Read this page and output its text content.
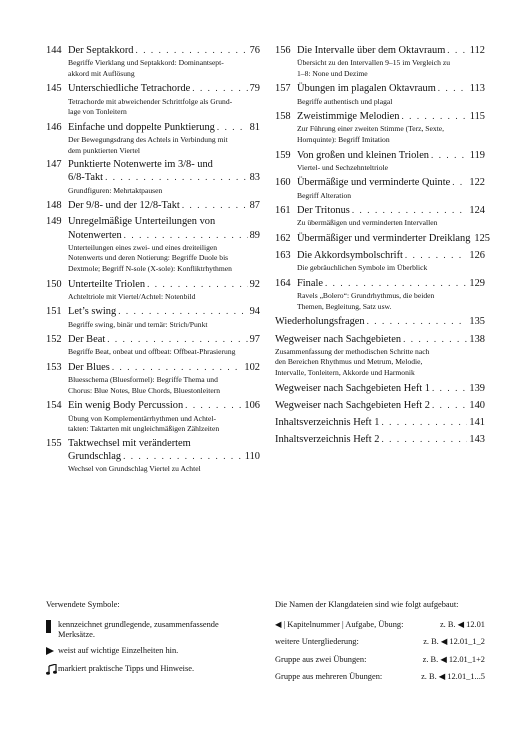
144 Der Septakkord . . .	76
Begriffe Vierklang und Septakkord: Dominantsept-
akkord mit Auflösung
145 Unterschiedliche Tetrachorde . . .	79
Tetrachorde mit abweichender Schrittfolge als Grund-
lage von Tonleitern
146 Einfache und doppelte Punktierung . . .	81
Der Bewegungsdrang des Achtels in Verbindung mit
dem punktierten Viertel
147 Punktierte Notenwerte im 3/8- und
6/8-Takt . . .	83
Grundfiguren: Mehrtaktpausen
148 Der 9/8- und der 12/8-Takt . . .	87
149 Unregelmäßige Unterteilungen von
Notenwerten . . .	89
Unterteilungen eines zwei- und eines dreiteiligen
Notenwerts und deren Notierung: Begriffe Duole bis
Dextmole; Begriff N-sole (X-sole): Konfliktrhythmen
150 Unterteilte Triolen . . .	92
Achteltriole mit Viertel/Achtel: Notenbild
151 Let’s swing . . .	94
Begriffe swing, binär und ternär: Strich/Punkt
152 Der Beat . . .	97
Begriffe Beat, onbeat und offbeat: Offbeat-Phrasierung
153 Der Blues . . .	102
Bluesschema (Bluesformel): Begriffe Thema und
Chorus: Blue Notes, Blue Chords, Bluestonleitern
154 Ein wenig Body Percussion . . .	106
Übung von Komplementärrhythmen und Achtel-
takten: Taktarten mit ungleichmäßigen Zählzeiten
155 Taktwechsel mit verändertem
Grundschlag . . .	110
Wechsel von Grundschlag Viertel zu Achtel
156 Die Intervalle über dem Oktavraum . . . 112
Übersicht zu den Intervallen 9–15 im Vergleich zu
1–8: None und Dezime
157 Übungen im plagalen Oktavraum . . .	113
Begriffe authentisch und plagal
158 Zweistimmige Melodien . . .	115
Zur Führung einer zweiten Stimme (Terz, Sexte,
Hornquinte): Begriff Imitation
159 Von großen und kleinen Triolen . . .	119
Viertel- und Sechzehnteltriole
160 Übermäßige und verminderte Quinte . . . 122
Begriff Alteration
161 Der Tritonus . . .	124
Zu übermäßigen und verminderten Intervallen
162 Übermäßiger und verminderter Dreiklang 125
163 Die Akkordsymbolschrift . . .	126
Die gebräuchlichen Symbole im Überblick
164 Finale . . .	129
Ravels „Bolero“: Grundrhythmus, die beiden
Themen, Begleitung, Satz usw.
Wiederholungsfragen . . .	135
Wegweiser nach Sachgebieten . . .	138
Zusammenfassung der methodischen Schritte nach
den Bereichen Rhythmus und Metrum, Melodie,
Intervalle, Tonleitern, Akkorde und Harmonik
Wegweiser nach Sachgebieten Heft 1 . . .	139
Wegweiser nach Sachgebieten Heft 2 . . .	140
Inhaltsverzeichnis Heft 1 . . .	141
Inhaltsverzeichnis Heft 2 . . .	143
Verwendete Symbole:
kennzeichnet grundlegende, zusammenfassende Merksätze.
weist auf wichtige Einzelheiten hin.
markiert praktische Tipps und Hinweise.
Die Namen der Klangdateien sind wie folgt aufgebaut:
◀ | Kapitelnummer | Aufgabe, Übung:	z. B. ◀ 12.01
weitere Untergliederung:	z. B. ◀ 12.01_1_2
Gruppe aus zwei Übungen:	z. B. ◀ 12.01_1+2
Gruppe aus mehreren Übungen:	z. B. ◀ 12.01_1...5
